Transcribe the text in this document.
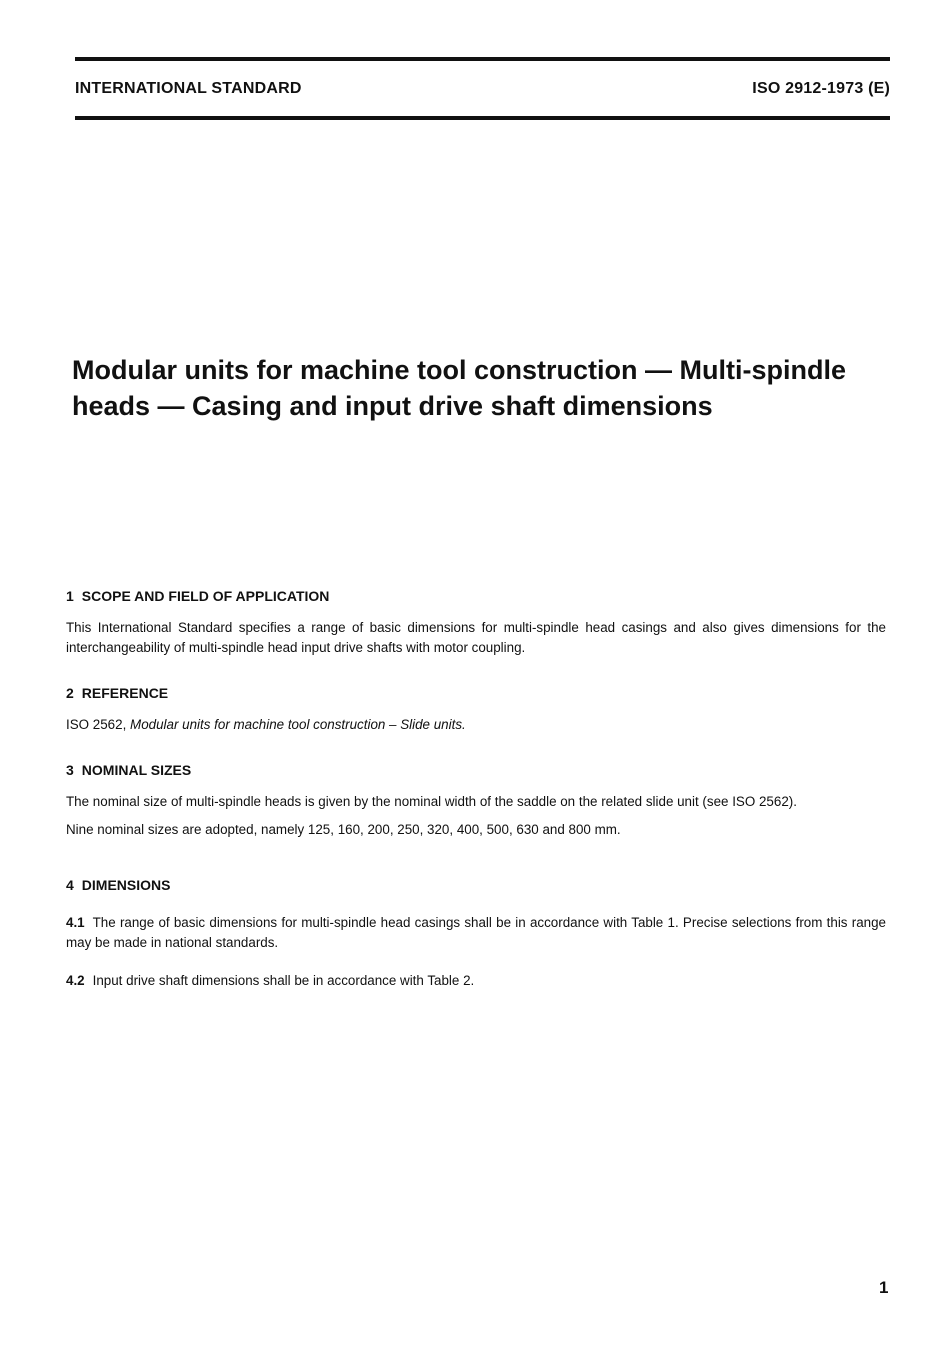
INTERNATIONAL STANDARD	ISO 2912-1973 (E)
Modular units for machine tool construction — Multi-spindle
heads — Casing and input drive shaft dimensions
1 SCOPE AND FIELD OF APPLICATION

This International Standard specifies a range of basic dimensions for multi-spindle head casings and also gives dimensions for the interchangeability of multi-spindle head input drive shafts with motor coupling.

2 REFERENCE

ISO 2562, Modular units for machine tool construction – Slide units.

3 NOMINAL SIZES

The nominal size of multi-spindle heads is given by the nominal width of the saddle on the related slide unit (see ISO 2562).

Nine nominal sizes are adopted, namely 125, 160, 200, 250, 320, 400, 500, 630 and 800 mm.

4 DIMENSIONS

4.1 The range of basic dimensions for multi-spindle head casings shall be in accordance with Table 1. Precise selections from this range may be made in national standards.

4.2 Input drive shaft dimensions shall be in accordance with Table 2.

1
